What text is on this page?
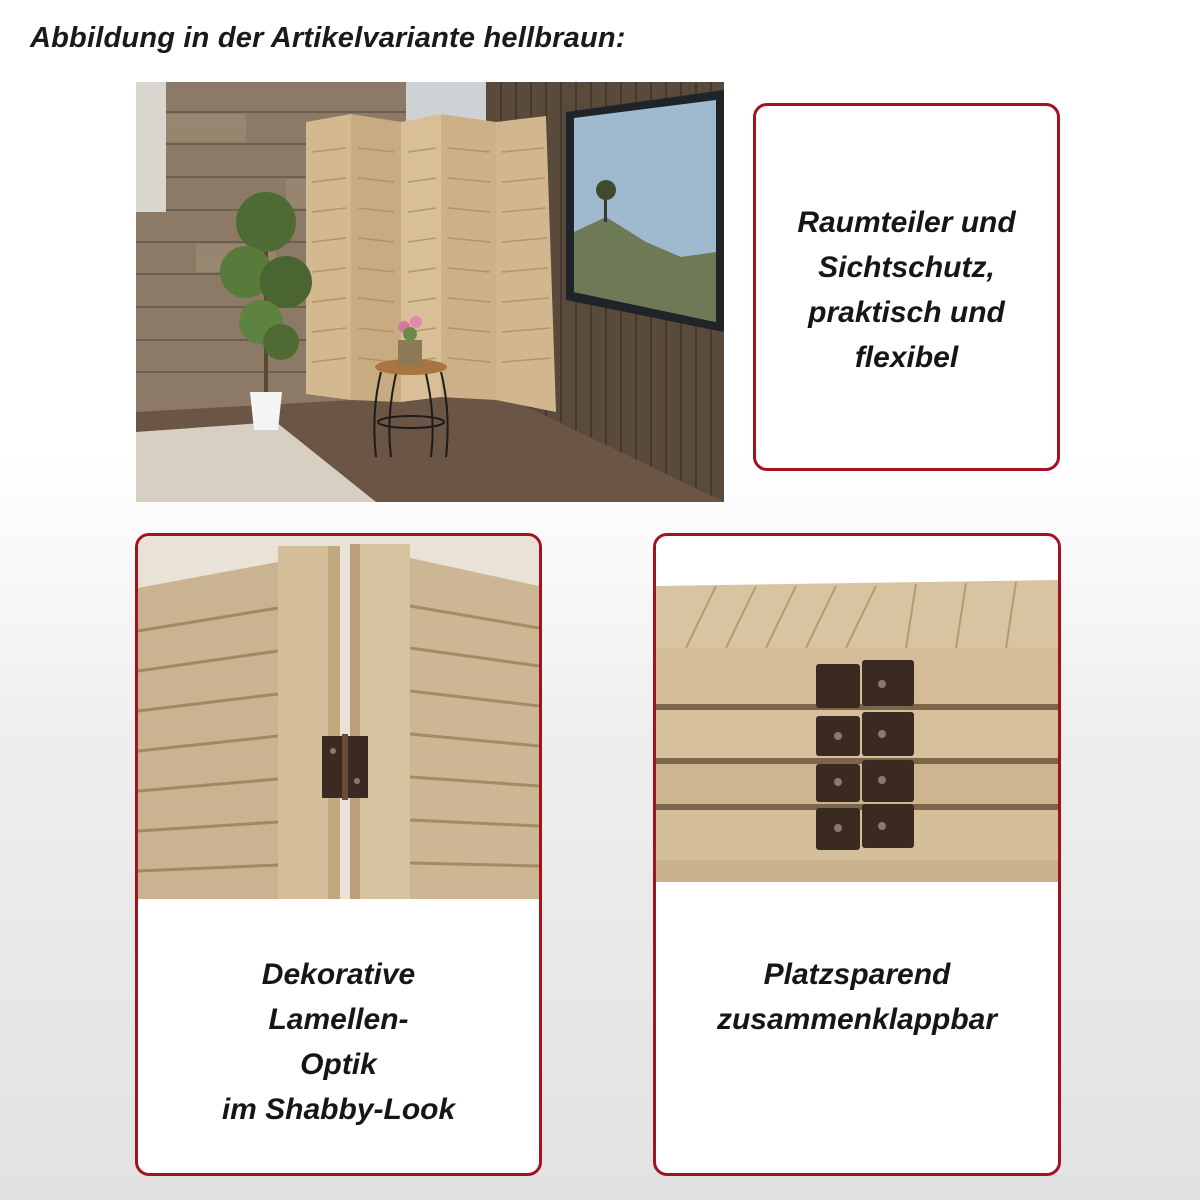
Abbildung in der Artikelvariante hellbraun:
Raumteiler und
Sichtschutz,
praktisch und
flexibel
Dekorative
Lamellen-
Optik
im Shabby-Look
Platzsparend
zusammenklappbar
